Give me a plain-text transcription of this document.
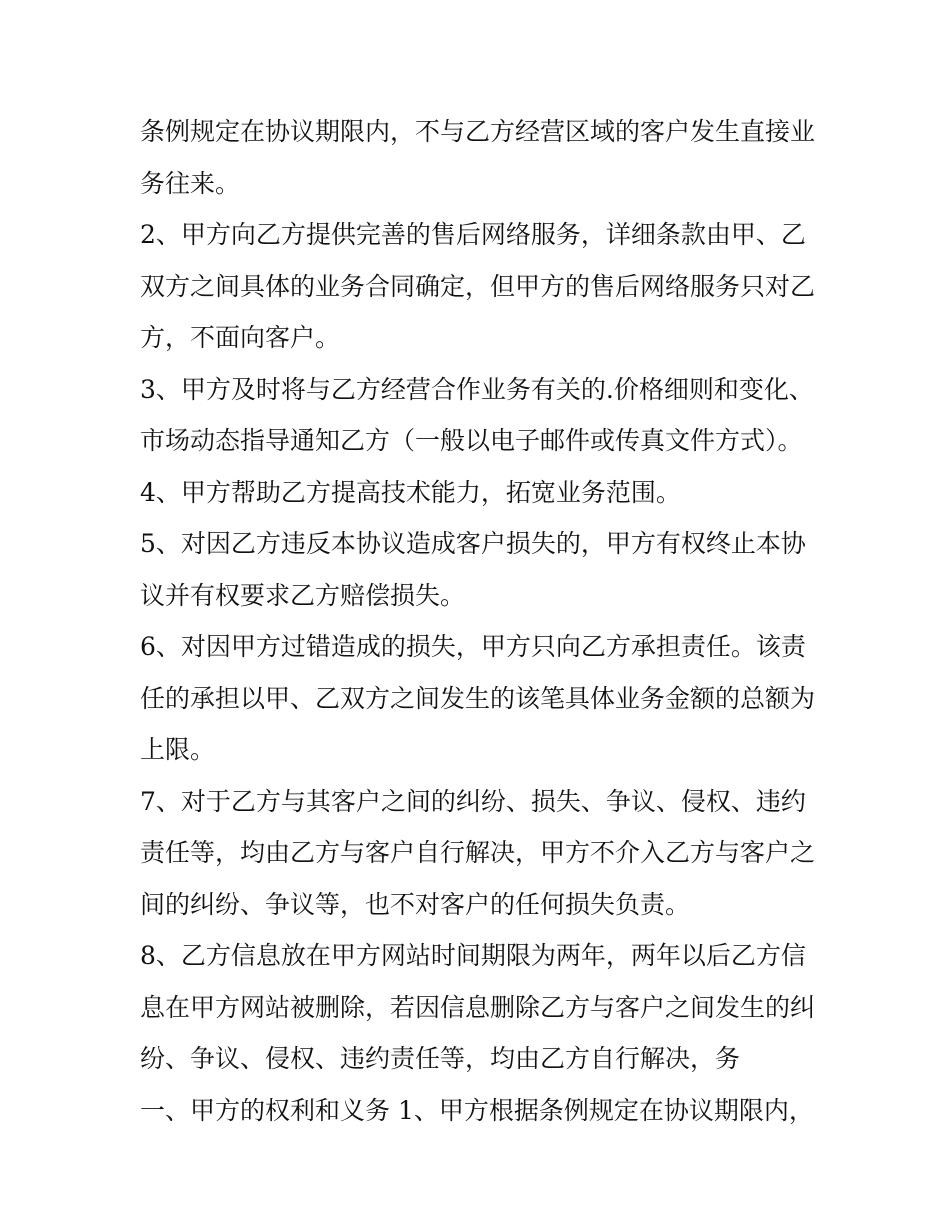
条例规定在协议期限内，不与乙方经营区域的客户发生直接业
务往来。
2、甲方向乙方提供完善的售后网络服务，详细条款由甲、乙
双方之间具体的业务合同确定，但甲方的售后网络服务只对乙
方，不面向客户。
3、甲方及时将与乙方经营合作业务有关的.价格细则和变化、
市场动态指导通知乙方（一般以电子邮件或传真文件方式）。
4、甲方帮助乙方提高技术能力，拓宽业务范围。
5、对因乙方违反本协议造成客户损失的，甲方有权终止本协
议并有权要求乙方赔偿损失。
6、对因甲方过错造成的损失，甲方只向乙方承担责任。该责
任的承担以甲、乙双方之间发生的该笔具体业务金额的总额为
上限。
7、对于乙方与其客户之间的纠纷、损失、争议、侵权、违约
责任等，均由乙方与客户自行解决，甲方不介入乙方与客户之
间的纠纷、争议等，也不对客户的任何损失负责。
8、乙方信息放在甲方网站时间期限为两年，两年以后乙方信
息在甲方网站被删除，若因信息删除乙方与客户之间发生的纠
纷、争议、侵权、违约责任等，均由乙方自行解决，务
一、甲方的权利和义务 1、甲方根据条例规定在协议期限内，
